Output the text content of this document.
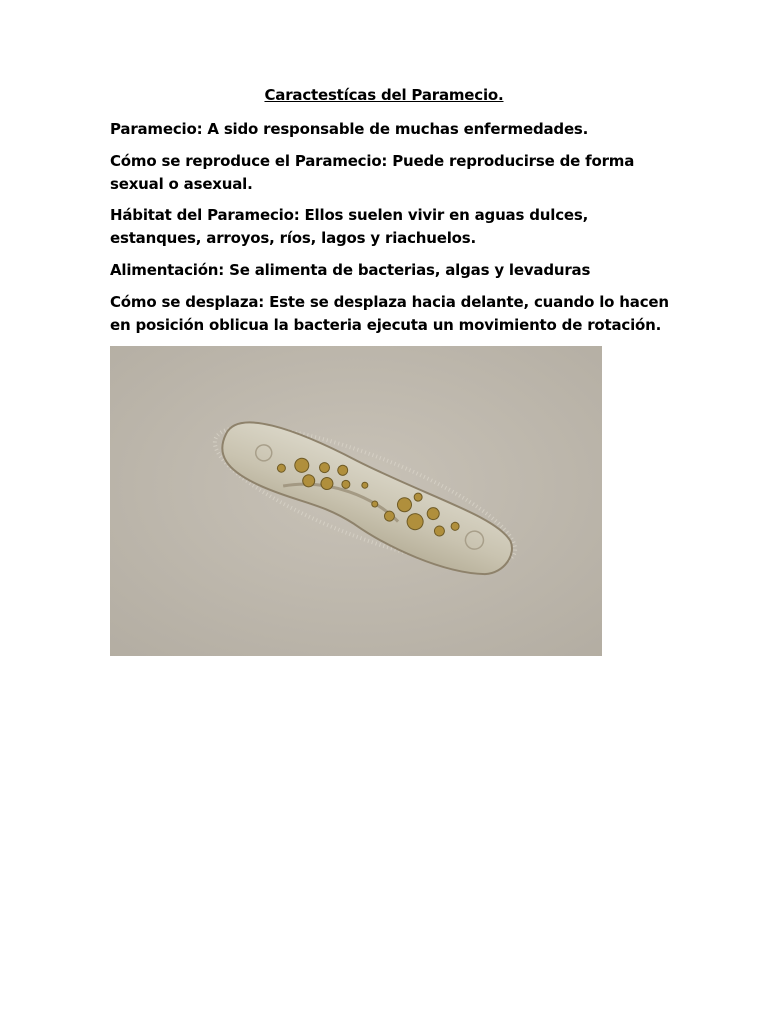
Caractestícas del Paramecio.
Paramecio: A sido responsable de muchas enfermedades.
Cómo se reproduce el Paramecio: Puede reproducirse de forma sexual o asexual.
Hábitat del Paramecio: Ellos suelen vivir en aguas dulces, estanques, arroyos, ríos, lagos y riachuelos.
Alimentación: Se alimenta de bacterias, algas y levaduras
Cómo se desplaza: Este se desplaza hacia delante, cuando lo hacen en posición oblicua la bacteria ejecuta un movimiento de rotación.
